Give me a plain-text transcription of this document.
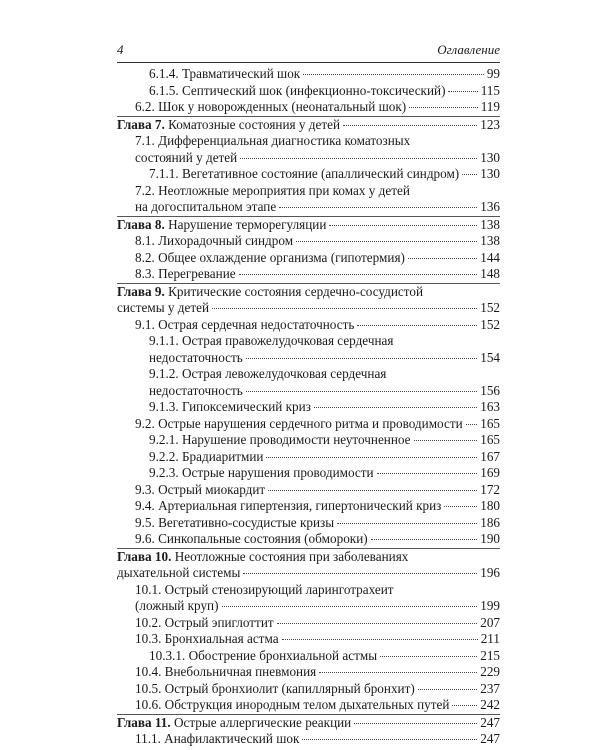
4	Оглавление
6.1.4. Травматический шок	99
6.1.5. Септический шок (инфекционно-токсический)	115
6.2. Шок у новорожденных (неонатальный шок)	119
Глава 7. Коматозные состояния у детей	123
7.1. Дифференциальная диагностика коматозных
состояний у детей	130
7.1.1. Вегетативное состояние (апаллический синдром) 130
7.2. Неотложные мероприятия при комах у детей
на догоспитальном этапе	136
Глава 8. Нарушение терморегуляции	138
8.1. Лихорадочный синдром	138
8.2. Общее охлаждение организма (гипотермия)	144
8.3. Перегревание	148
Глава 9. Критические состояния сердечно-сосудистой
системы у детей	152
9.1. Острая сердечная недостаточность	152
9.1.1. Острая правожелудочковая сердечная
недостаточность	154
9.1.2. Острая левожелудочковая сердечная
недостаточность	156
9.1.3. Гипоксемический криз	163
9.2. Острые нарушения сердечного ритма и проводимости 165
9.2.1. Нарушение проводимости неуточненное	165
9.2.2. Брадиаритмии	167
9.2.3. Острые нарушения проводимости	169
9.3. Острый миокардит	172
9.4. Артериальная гипертензия, гипертонический криз	180
9.5. Вегетативно-сосудистые кризы	186
9.6. Синкопальные состояния (обмороки)	190
Глава 10. Неотложные состояния при заболеваниях
дыхательной системы	196
10.1. Острый стенозирующий ларинготрахеит
(ложный круп)	199
10.2. Острый эпиглоттит	207
10.3. Бронхиальная астма	211
10.3.1. Обострение бронхиальной астмы	215
10.4. Внебольничная пневмония	229
10.5. Острый бронхиолит (капиллярный бронхит)	237
10.6. Обструкция инородным телом дыхательных путей 242
Глава 11. Острые аллергические реакции	247
11.1. Анафилактический шок	247
